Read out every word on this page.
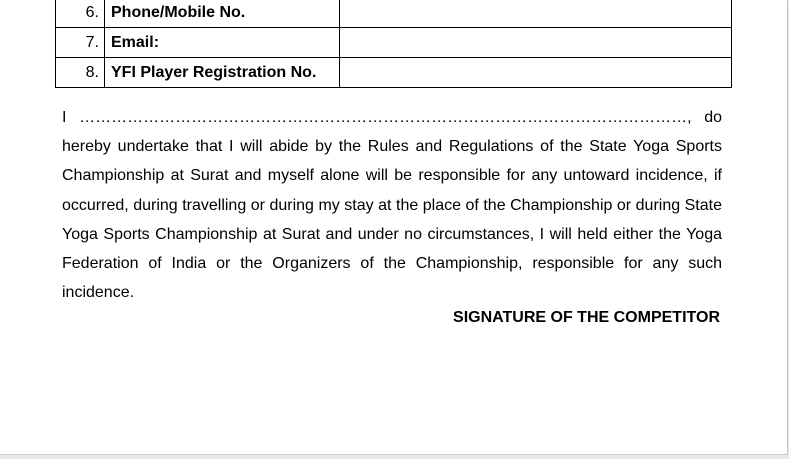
6.	Phone/Mobile No.	
7.	Email:	
8.	YFI Player Registration No.	

I ……………………………………………………………………………………………………, do hereby undertake that I will abide by the Rules and Regulations of the State Yoga Sports Championship at Surat and myself alone will be responsible for any untoward incidence, if occurred, during travelling or during my stay at the place of the Championship or during State Yoga Sports Championship at Surat and under no circumstances, I will held either the Yoga Federation of India or the Organizers of the Championship, responsible for any such incidence.

SIGNATURE OF THE COMPETITOR
